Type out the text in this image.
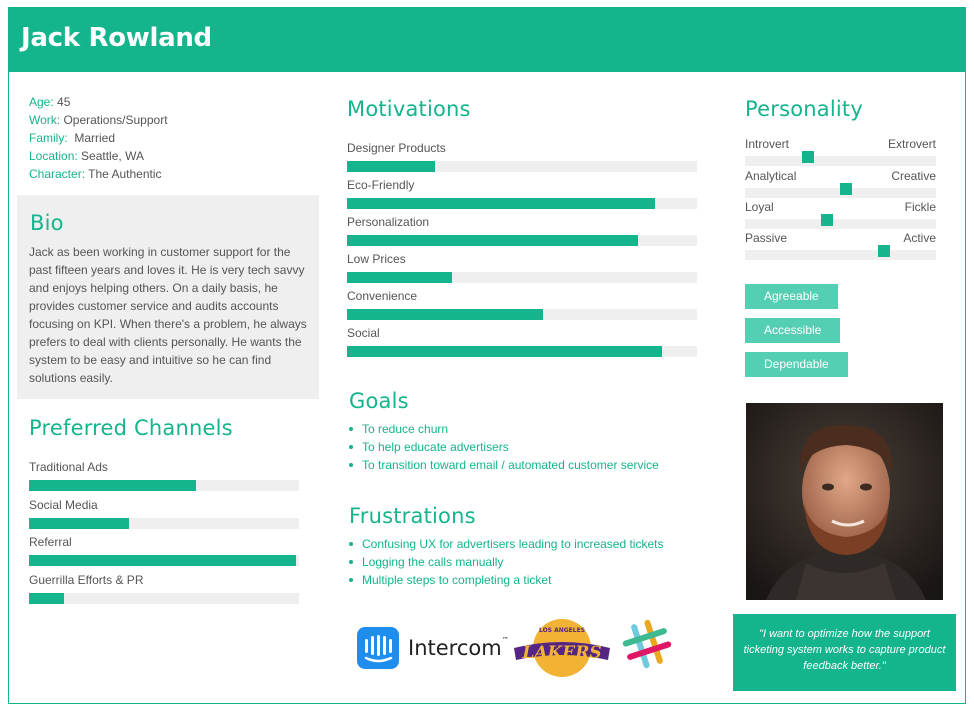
Jack Rowland
Age: 45
Work: Operations/Support
Family:  Married
Location: Seattle, WA
Character: The Authentic
Bio

Jack as been working in customer support for the past fifteen years and loves it. He is very tech savvy and enjoys helping others. On a daily basis, he provides customer service and audits accounts focusing on KPI. When there's a problem, he always prefers to deal with clients personally. He wants the system to be easy and intuitive so he can find solutions easily.

Preferred Channels
Traditional Ads
Social Media
Referral
Guerrilla Efforts & PR
Motivations
Designer Products
Eco-Friendly
Personalization
Low Prices
Convenience
Social
Goals
To reduce churn
To help educate advertisers
To transition toward email / automated customer service
Frustrations
Confusing UX for advertisers leading to increased tickets
Logging the calls manually
Multiple steps to completing a ticket
Personality
Introvert	Extrovert
Analytical	Creative
Loyal	Fickle
Passive	Active
Agreeable
Accessible
Dependable
"I want to optimize how the support ticketing system works to capture product feedback better."
Intercom™
LAKERS
LOS ANGELES
